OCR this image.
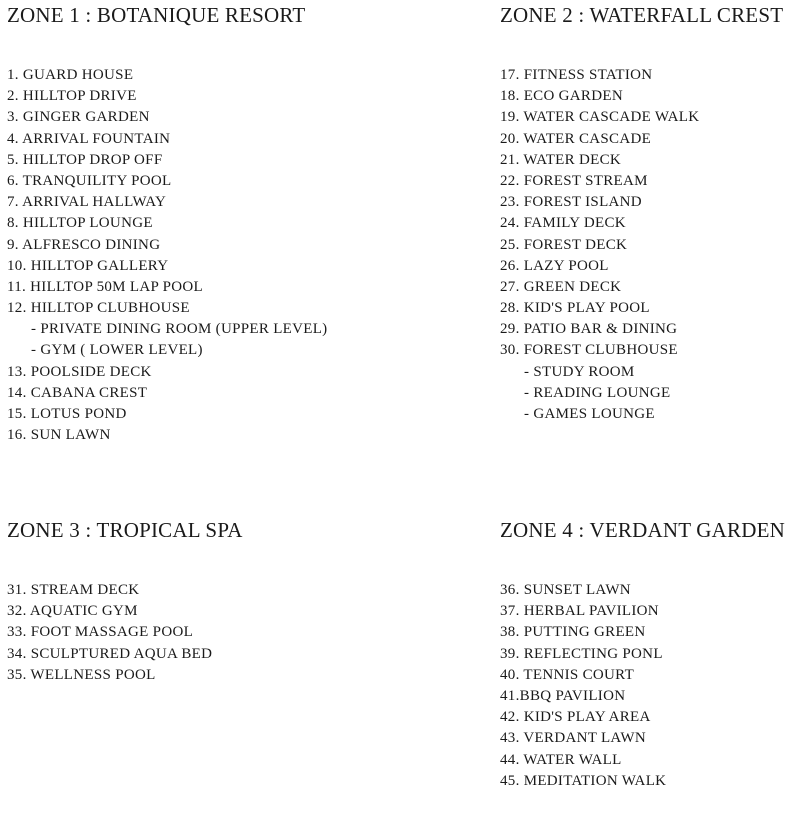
ZONE 1 : BOTANIQUE RESORT
1. GUARD HOUSE
2. HILLTOP DRIVE
3. GINGER GARDEN
4. ARRIVAL FOUNTAIN
5. HILLTOP DROP OFF
6. TRANQUILITY POOL
7. ARRIVAL HALLWAY
8. HILLTOP LOUNGE
9. ALFRESCO DINING
10. HILLTOP GALLERY
11. HILLTOP 50M LAP POOL
12. HILLTOP CLUBHOUSE
- PRIVATE DINING ROOM (UPPER LEVEL)
- GYM ( LOWER LEVEL)
13. POOLSIDE DECK
14. CABANA CREST
15. LOTUS POND
16. SUN LAWN
ZONE 2 : WATERFALL CREST
17. FITNESS STATION
18. ECO GARDEN
19. WATER CASCADE WALK
20. WATER CASCADE
21. WATER DECK
22. FOREST STREAM
23. FOREST ISLAND
24. FAMILY DECK
25. FOREST DECK
26. LAZY POOL
27. GREEN DECK
28. KID'S PLAY POOL
29. PATIO BAR & DINING
30. FOREST CLUBHOUSE
- STUDY ROOM
- READING LOUNGE
- GAMES LOUNGE
ZONE 3 : TROPICAL SPA
31. STREAM DECK
32. AQUATIC GYM
33. FOOT MASSAGE POOL
34. SCULPTURED AQUA BED
35. WELLNESS POOL
ZONE 4 : VERDANT GARDEN
36. SUNSET LAWN
37. HERBAL PAVILION
38. PUTTING GREEN
39. REFLECTING PONL
40. TENNIS COURT
41.BBQ PAVILION
42. KID'S PLAY AREA
43. VERDANT LAWN
44. WATER WALL
45. MEDITATION WALK
